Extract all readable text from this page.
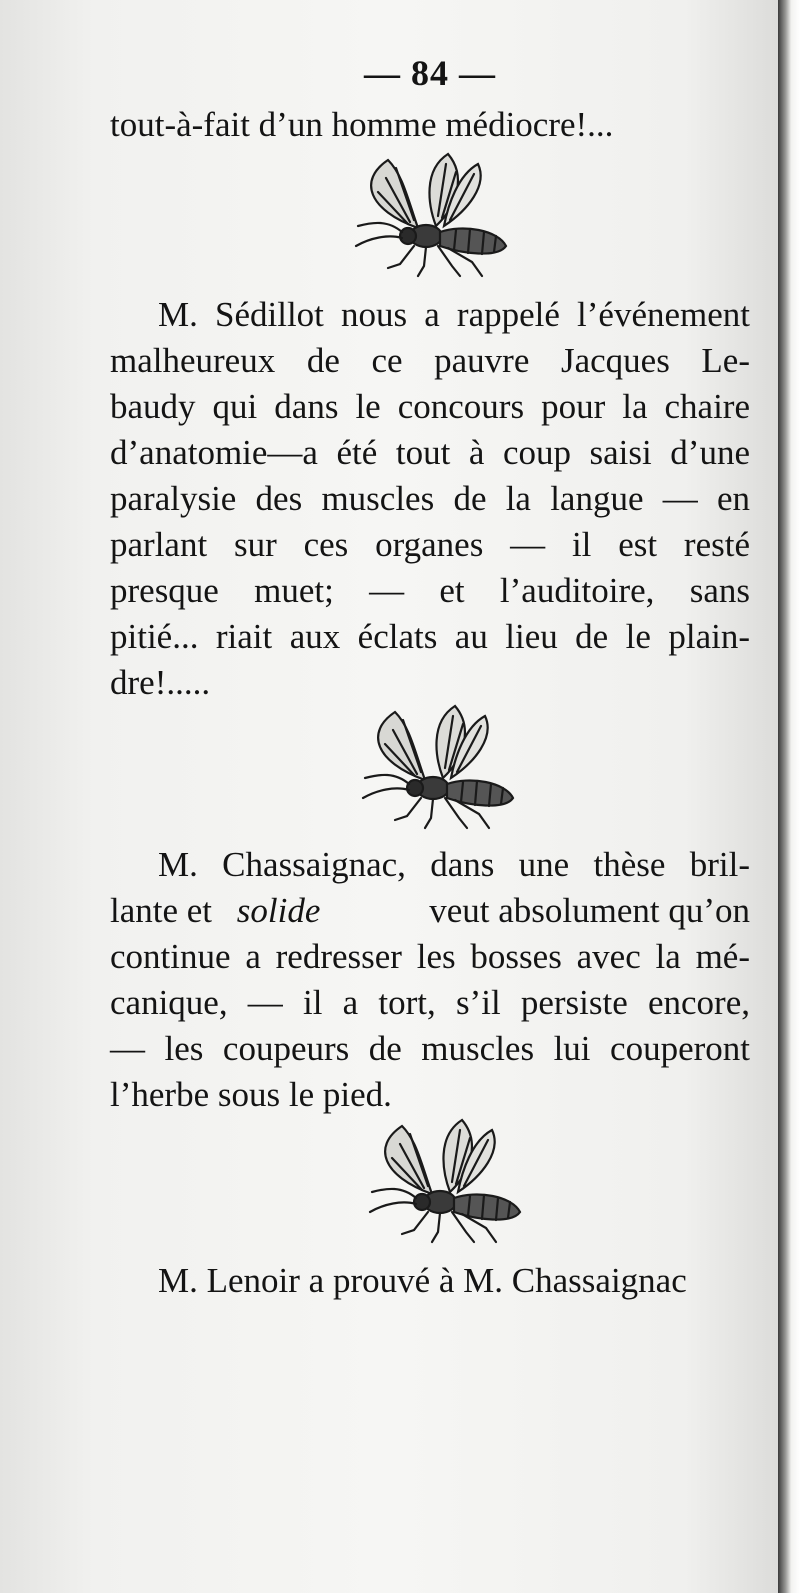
— 84 —
tout-à-fait d’un homme médiocre!...
M. Sédillot nous a rappelé l’événement
malheureux de ce pauvre Jacques Le-
baudy qui dans le concours pour la chaire
d’anatomie—a été tout à coup saisi d’une
paralysie des muscles de la langue — en
parlant sur ces organes — il est resté
presque muet; — et l’auditoire, sans
pitié... riait aux éclats au lieu de le plain-
dre!.....
M. Chassaignac, dans une thèse bril-
lante et solide	veut absolument qu’on
continue a redresser les bosses avec la mé-
canique, — il a tort, s’il persiste encore,
— les coupeurs de muscles lui couperont
l’herbe sous le pied.
M. Lenoir a prouvé à M. Chassaignac
